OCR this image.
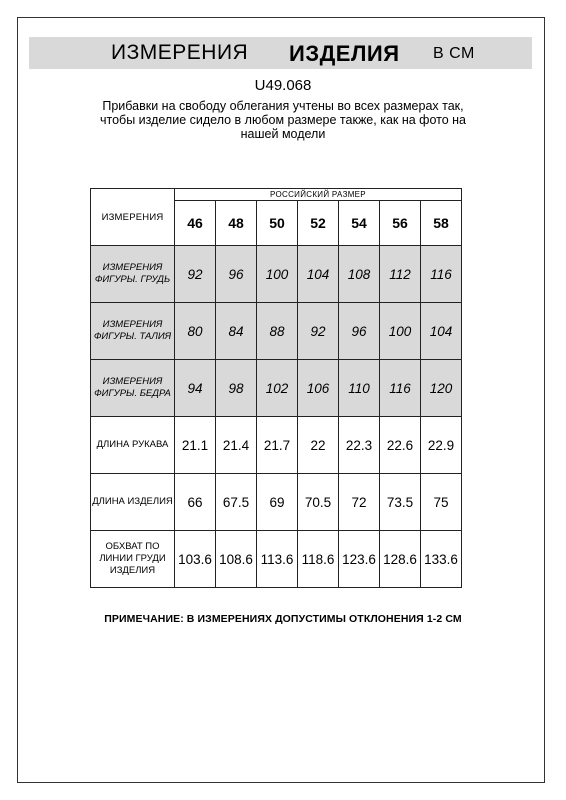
ИЗМЕРЕНИЯ ИЗДЕЛИЯ В СМ
U49.068
Прибавки на свободу облегания учтены во всех размерах так,
чтобы изделие сидело в любом размере также, как на фото на
нашей модели
ИЗМЕРЕНИЯ	РОССИЙСКИЙ РАЗМЕР						
	46	48	50	52	54	56	58

ИЗМЕРЕНИЯ
ФИГУРЫ. ГРУДЬ	92	96	100	104	108	112	116

ИЗМЕРЕНИЯ
ФИГУРЫ. ТАЛИЯ	80	84	88	92	96	100	104

ИЗМЕРЕНИЯ
ФИГУРЫ. БЕДРА	94	98	102	106	110	116	120

ДЛИНА РУКАВА	21.1	21.4	21.7	22	22.3	22.6	22.9

ДЛИНА ИЗДЕЛИЯ	66	67.5	69	70.5	72	73.5	75

ОБХВАТ ПО
ЛИНИИ ГРУДИ
ИЗДЕЛИЯ	103.6	108.6	113.6	118.6	123.6	128.6	133.6
ПРИМЕЧАНИЕ: В ИЗМЕРЕНИЯХ ДОПУСТИМЫ ОТКЛОНЕНИЯ 1-2 СМ
